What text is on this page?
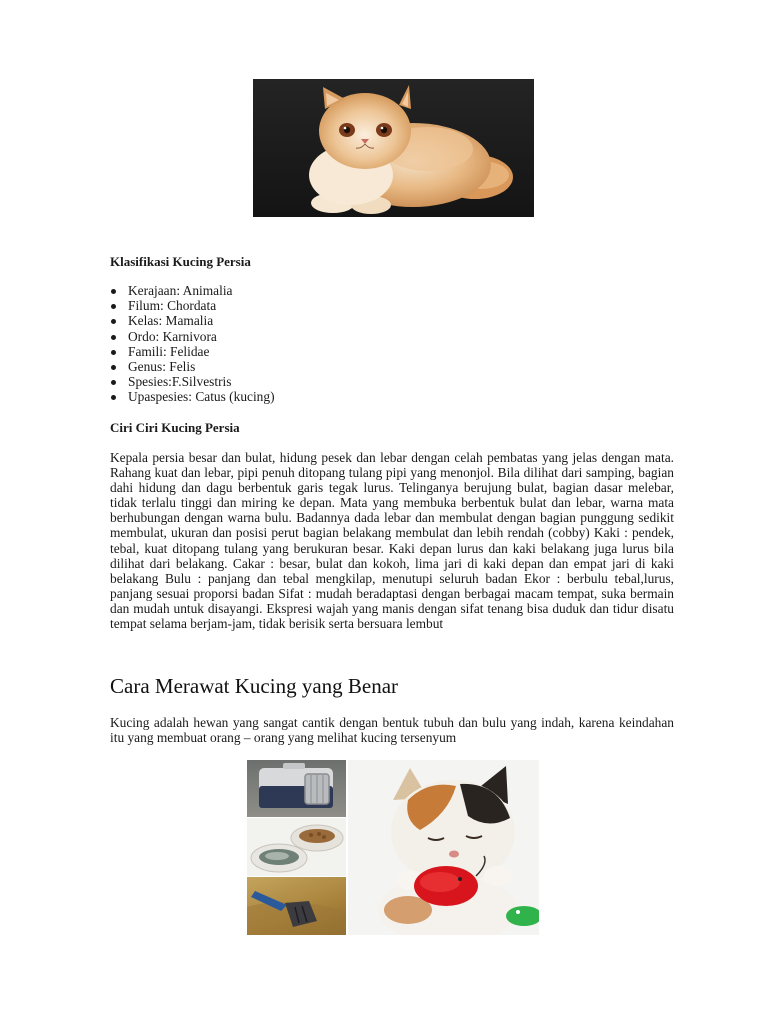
Klasifikasi Kucing Persia
Kerajaan: Animalia
Filum: Chordata
Kelas: Mamalia
Ordo: Karnivora
Famili: Felidae
Genus: Felis
Spesies:F.Silvestris
Upaspesies: Catus (kucing)
Ciri Ciri Kucing Persia

Kepala persia besar dan bulat, hidung pesek dan lebar dengan celah pembatas yang jelas dengan mata. Rahang kuat dan lebar, pipi penuh ditopang tulang pipi yang menonjol. Bila dilihat dari samping, bagian dahi hidung dan dagu berbentuk garis tegak lurus. Telinganya berujung bulat, bagian dasar melebar, tidak terlalu tinggi dan miring ke depan. Mata yang membuka berbentuk bulat dan lebar, warna mata berhubungan dengan warna bulu. Badannya dada lebar dan membulat dengan bagian punggung sedikit membulat, ukuran dan posisi perut bagian belakang membulat dan lebih rendah (cobby) Kaki : pendek, tebal, kuat ditopang tulang yang berukuran besar. Kaki depan lurus dan kaki belakang juga lurus bila dilihat dari belakang. Cakar : besar, bulat dan kokoh, lima jari di kaki depan dan empat jari di kaki belakang Bulu : panjang dan tebal mengkilap, menutupi seluruh badan Ekor : berbulu tebal,lurus, panjang sesuai proporsi badan Sifat : mudah beradaptasi dengan berbagai macam tempat, suka bermain dan mudah untuk disayangi. Ekspresi wajah yang manis dengan sifat tenang bisa duduk dan tidur disatu tempat selama berjam-jam, tidak berisik serta bersuara lembut

Cara Merawat Kucing yang Benar

Kucing adalah hewan yang sangat cantik dengan bentuk tubuh dan bulu yang indah, karena keindahan itu yang membuat orang – orang yang melihat kucing tersenyum
